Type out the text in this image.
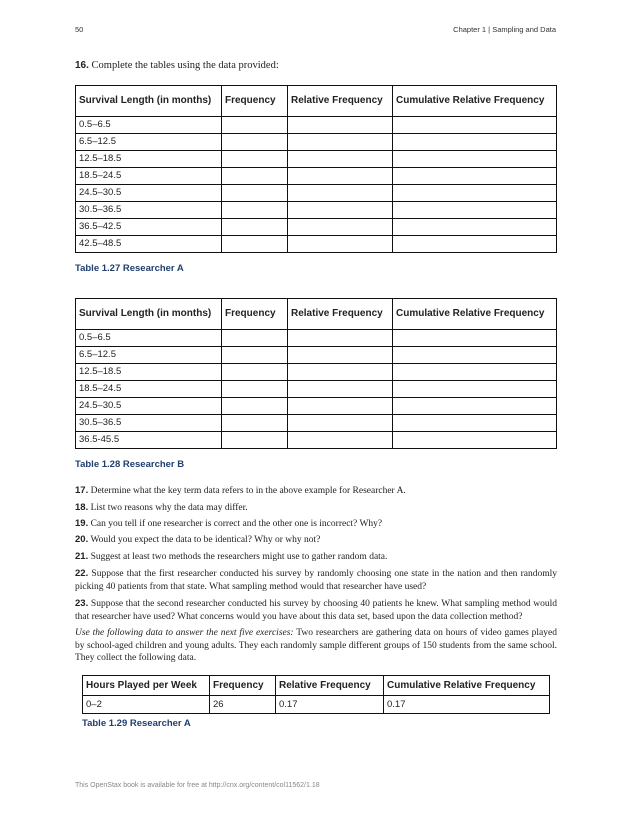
50	Chapter 1 | Sampling and Data
16. Complete the tables using the data provided:
Survival Length (in months)	Frequency	Relative Frequency	Cumulative Relative Frequency
0.5–6.5			
6.5–12.5			
12.5–18.5			
18.5–24.5			
24.5–30.5			
30.5–36.5			
36.5–42.5			
42.5–48.5			
Table 1.27 Researcher A
Survival Length (in months)	Frequency	Relative Frequency	Cumulative Relative Frequency
0.5–6.5			
6.5–12.5			
12.5–18.5			
18.5–24.5			
24.5–30.5			
30.5–36.5			
36.5-45.5			
Table 1.28 Researcher B
17. Determine what the key term data refers to in the above example for Researcher A.
18. List two reasons why the data may differ.
19. Can you tell if one researcher is correct and the other one is incorrect? Why?
20. Would you expect the data to be identical? Why or why not?
21. Suggest at least two methods the researchers might use to gather random data.
22. Suppose that the first researcher conducted his survey by randomly choosing one state in the nation and then randomly picking 40 patients from that state. What sampling method would that researcher have used?
23. Suppose that the second researcher conducted his survey by choosing 40 patients he knew. What sampling method would that researcher have used? What concerns would you have about this data set, based upon the data collection method?
Use the following data to answer the next five exercises: Two researchers are gathering data on hours of video games played by school-aged children and young adults. They each randomly sample different groups of 150 students from the same school. They collect the following data.
Hours Played per Week	Frequency	Relative Frequency	Cumulative Relative Frequency
0–2	26	0.17	0.17
Table 1.29 Researcher A
This OpenStax book is available for free at http://cnx.org/content/col11562/1.18
